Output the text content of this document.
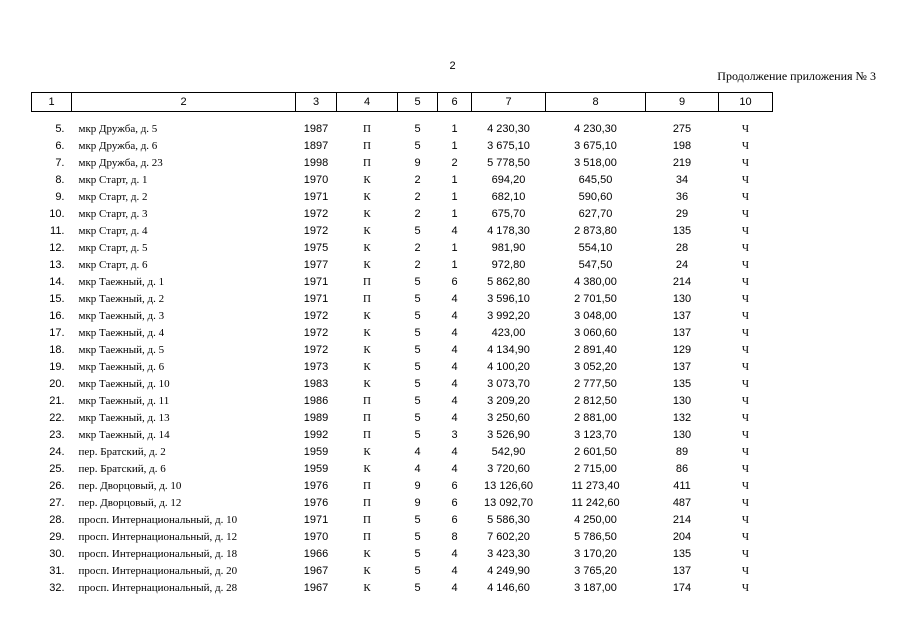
2
Продолжение приложения № 3
1	2	3	4	5	6	7	8	9	10

5.	мкр Дружба, д. 5	1987	П	5	1	4 230,30	4 230,30	275	Ч
6.	мкр Дружба, д. 6	1897	П	5	1	3 675,10	3 675,10	198	Ч
7.	мкр Дружба, д. 23	1998	П	9	2	5 778,50	3 518,00	219	Ч
8.	мкр Старт, д. 1	1970	К	2	1	694,20	645,50	34	Ч
9.	мкр Старт, д. 2	1971	К	2	1	682,10	590,60	36	Ч
10.	мкр Старт, д. 3	1972	К	2	1	675,70	627,70	29	Ч
11.	мкр Старт, д. 4	1972	К	5	4	4 178,30	2 873,80	135	Ч
12.	мкр Старт, д. 5	1975	К	2	1	981,90	554,10	28	Ч
13.	мкр Старт, д. 6	1977	К	2	1	972,80	547,50	24	Ч
14.	мкр Таежный, д. 1	1971	П	5	6	5 862,80	4 380,00	214	Ч
15.	мкр Таежный, д. 2	1971	П	5	4	3 596,10	2 701,50	130	Ч
16.	мкр Таежный, д. 3	1972	К	5	4	3 992,20	3 048,00	137	Ч
17.	мкр Таежный, д. 4	1972	К	5	4	423,00	3 060,60	137	Ч
18.	мкр Таежный, д. 5	1972	К	5	4	4 134,90	2 891,40	129	Ч
19.	мкр Таежный, д. 6	1973	К	5	4	4 100,20	3 052,20	137	Ч
20.	мкр Таежный, д. 10	1983	К	5	4	3 073,70	2 777,50	135	Ч
21.	мкр Таежный, д. 11	1986	П	5	4	3 209,20	2 812,50	130	Ч
22.	мкр Таежный, д. 13	1989	П	5	4	3 250,60	2 881,00	132	Ч
23.	мкр Таежный, д. 14	1992	П	5	3	3 526,90	3 123,70	130	Ч
24.	пер. Братский, д. 2	1959	К	4	4	542,90	2 601,50	89	Ч
25.	пер. Братский, д. 6	1959	К	4	4	3 720,60	2 715,00	86	Ч
26.	пер. Дворцовый, д. 10	1976	П	9	6	13 126,60	11 273,40	411	Ч
27.	пер. Дворцовый, д. 12	1976	П	9	6	13 092,70	11 242,60	487	Ч
28.	просп. Интернациональный, д. 10	1971	П	5	6	5 586,30	4 250,00	214	Ч
29.	просп. Интернациональный, д. 12	1970	П	5	8	7 602,20	5 786,50	204	Ч
30.	просп. Интернациональный, д. 18	1966	К	5	4	3 423,30	3 170,20	135	Ч
31.	просп. Интернациональный, д. 20	1967	К	5	4	4 249,90	3 765,20	137	Ч
32.	просп. Интернациональный, д. 28	1967	К	5	4	4 146,60	3 187,00	174	Ч
